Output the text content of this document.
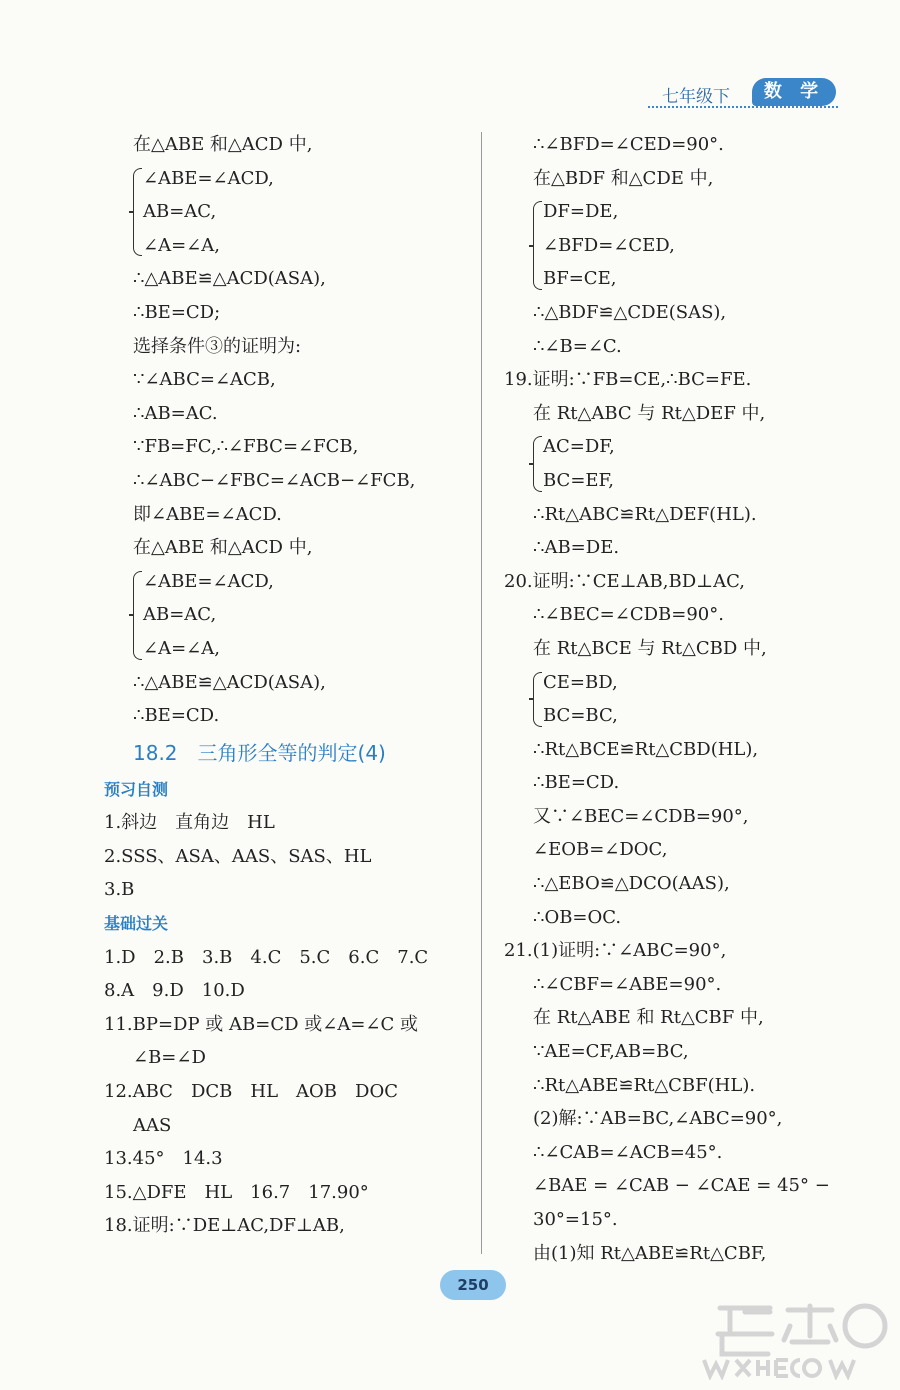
七年级下	数 学
在△ABE 和△ACD 中,
∠ABE=∠ACD,
AB=AC,
∠A=∠A,
∴△ABE≌△ACD(ASA),
∴BE=CD;
选择条件③的证明为:
∵∠ABC=∠ACB,
∴AB=AC.
∵FB=FC,∴∠FBC=∠FCB,
∴∠ABC−∠FBC=∠ACB−∠FCB,
即∠ABE=∠ACD.
在△ABE 和△ACD 中,
∠ABE=∠ACD,
AB=AC,
∠A=∠A,
∴△ABE≌△ACD(ASA),
∴BE=CD.
18.2　三角形全等的判定(4)
预习自测
1.斜边　直角边　HL
2.SSS、ASA、AAS、SAS、HL
3.B
基础过关
1.D　2.B　3.B　4.C　5.C　6.C　7.C
8.A　9.D　10.D
11.BP=DP 或 AB=CD 或∠A=∠C 或
∠B=∠D
12.ABC　DCB　HL　AOB　DOC
AAS
13.45°　14.3
15.△DFE　HL　16.7　17.90°
18.证明:∵DE⊥AC,DF⊥AB,
∴∠BFD=∠CED=90°.
在△BDF 和△CDE 中,
DF=DE,
∠BFD=∠CED,
BF=CE,
∴△BDF≌△CDE(SAS),
∴∠B=∠C.
19.证明:∵FB=CE,∴BC=FE.
在 Rt△ABC 与 Rt△DEF 中,
AC=DF,
BC=EF,
∴Rt△ABC≌Rt△DEF(HL).
∴AB=DE.
20.证明:∵CE⊥AB,BD⊥AC,
∴∠BEC=∠CDB=90°.
在 Rt△BCE 与 Rt△CBD 中,
CE=BD,
BC=BC,
∴Rt△BCE≌Rt△CBD(HL),
∴BE=CD.
又∵∠BEC=∠CDB=90°,
∠EOB=∠DOC,
∴△EBO≌△DCO(AAS),
∴OB=OC.
21.(1)证明:∵∠ABC=90°,
∴∠CBF=∠ABE=90°.
在 Rt△ABE 和 Rt△CBF 中,
∵AE=CF,AB=BC,
∴Rt△ABE≌Rt△CBF(HL).
(2)解:∵AB=BC,∠ABC=90°,
∴∠CAB=∠ACB=45°.
∠BAE = ∠CAB − ∠CAE = 45° −
30°=15°.
由(1)知 Rt△ABE≌Rt△CBF,
250
